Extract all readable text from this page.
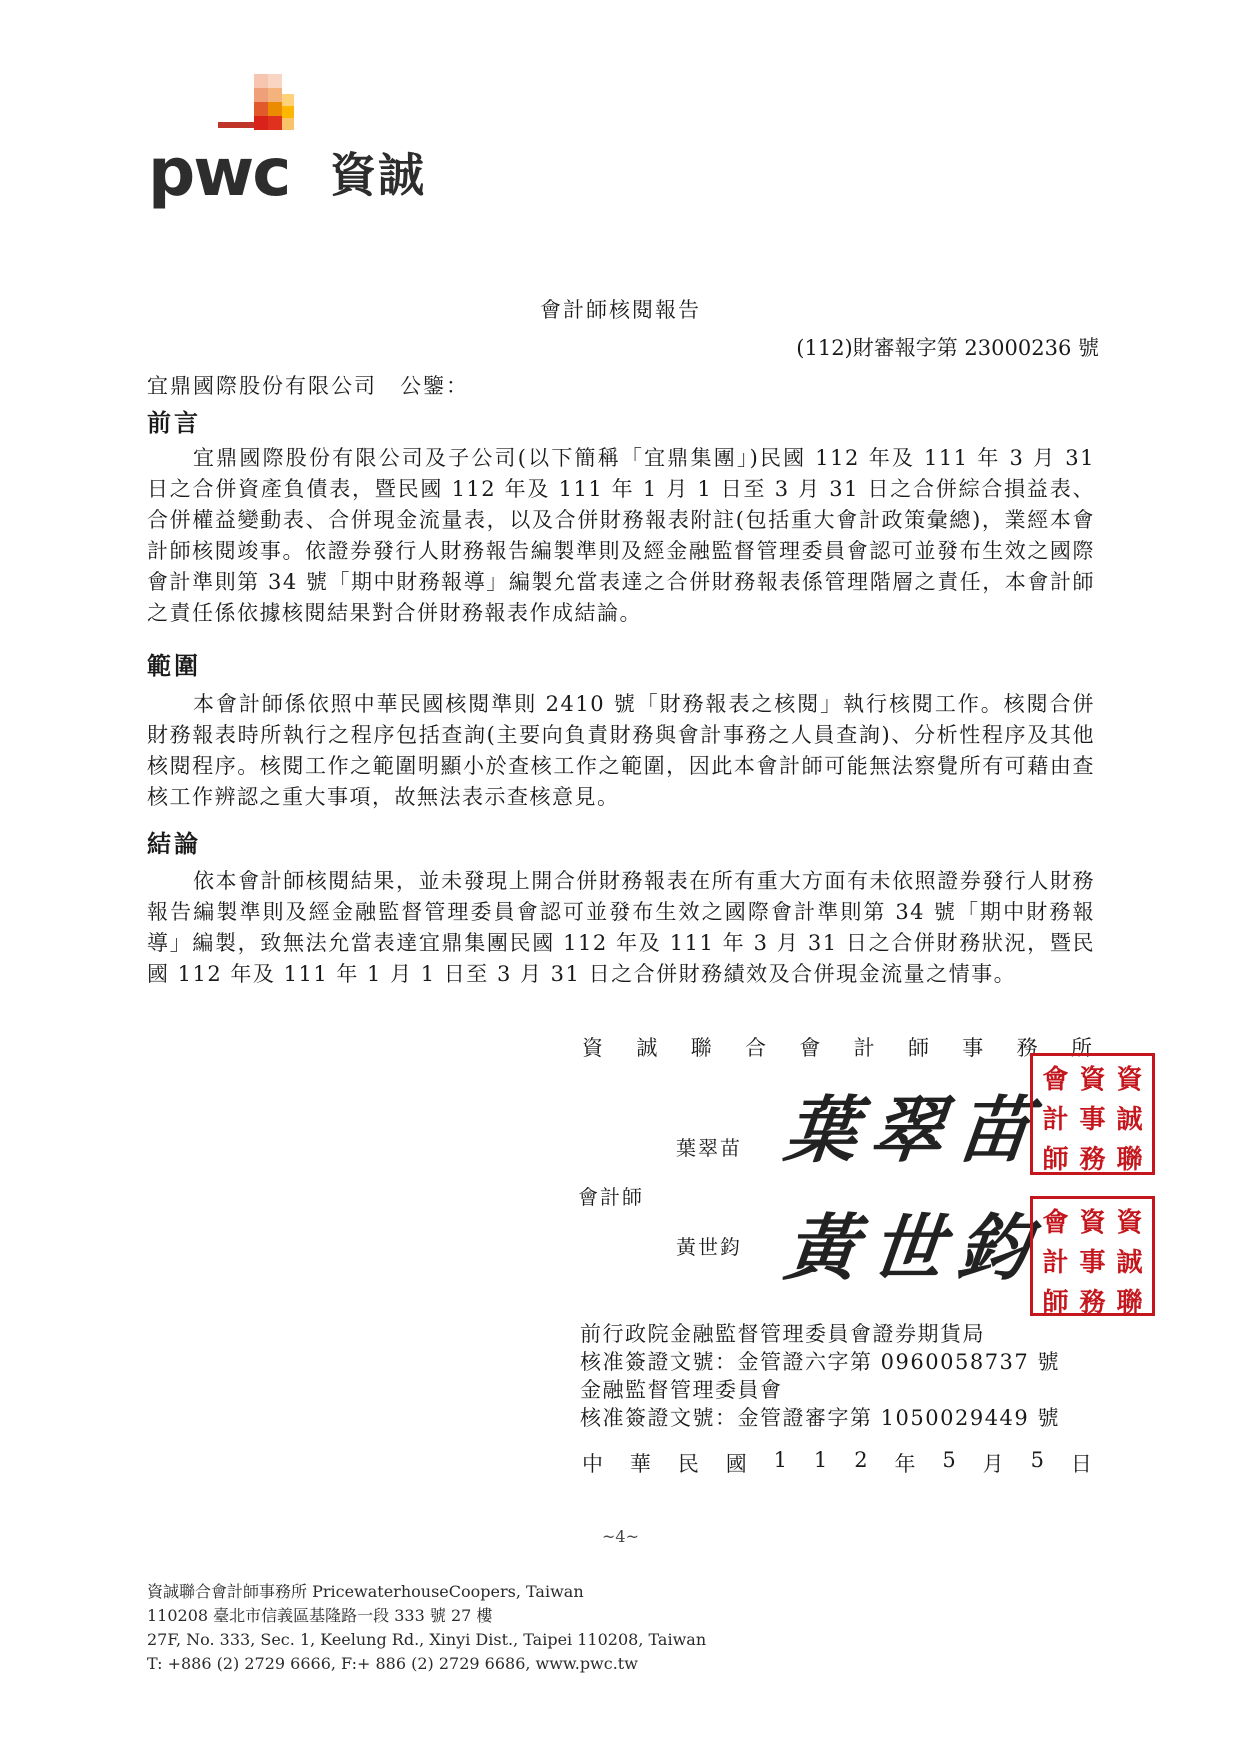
pwc 資誠
會計師核閱報告
(112)財審報字第 23000236 號
宜鼎國際股份有限公司　公鑒：
前言
宜鼎國際股份有限公司及子公司(以下簡稱「宜鼎集團」)民國 112 年及 111 年 3 月 31 日之合併資產負債表，暨民國 112 年及 111 年 1 月 1 日至 3 月 31 日之合併綜合損益表、合併權益變動表、合併現金流量表，以及合併財務報表附註(包括重大會計政策彙總)，業經本會計師核閱竣事。依證券發行人財務報告編製準則及經金融監督管理委員會認可並發布生效之國際會計準則第 34 號「期中財務報導」編製允當表達之合併財務報表係管理階層之責任，本會計師之責任係依據核閱結果對合併財務報表作成結論。
範圍
本會計師係依照中華民國核閱準則 2410 號「財務報表之核閱」執行核閱工作。核閱合併財務報表時所執行之程序包括查詢(主要向負責財務與會計事務之人員查詢)、分析性程序及其他核閱程序。核閱工作之範圍明顯小於查核工作之範圍，因此本會計師可能無法察覺所有可藉由查核工作辨認之重大事項，故無法表示查核意見。
結論
依本會計師核閱結果，並未發現上開合併財務報表在所有重大方面有未依照證券發行人財務報告編製準則及經金融監督管理委員會認可並發布生效之國際會計準則第 34 號「期中財務報導」編製，致無法允當表達宜鼎集團民國 112 年及 111 年 3 月 31 日之合併財務狀況，暨民國 112 年及 111 年 1 月 1 日至 3 月 31 日之合併財務績效及合併現金流量之情事。
資 誠 聯 合 會 計 師 事 務 所
葉翠苗 葉翠苗
會 資 資
計 事 誠
師 務 聯
會計師
黃世鈞 黃世鈞
會 資 資
計 事 誠
師 務 聯
前行政院金融監督管理委員會證券期貨局
核准簽證文號：金管證六字第 0960058737 號
金融監督管理委員會
核准簽證文號：金管證審字第 1050029449 號
中 華 民 國 1 1 2 年 5 月 5 日
~4~
資誠聯合會計師事務所 PricewaterhouseCoopers, Taiwan
110208 臺北市信義區基隆路一段 333 號 27 樓
27F, No. 333, Sec. 1, Keelung Rd., Xinyi Dist., Taipei 110208, Taiwan
T: +886 (2) 2729 6666, F:+ 886 (2) 2729 6686, www.pwc.tw
